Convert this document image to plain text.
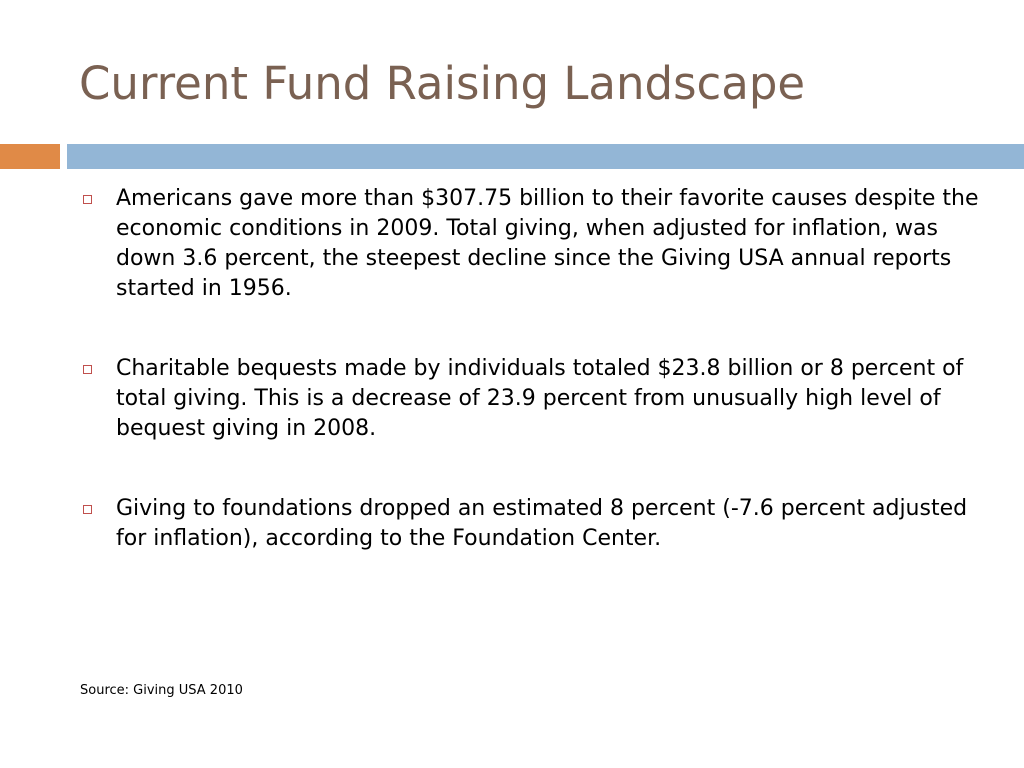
Current Fund Raising Landscape
Americans gave more than $307.75 billion to their favorite causes despite the economic conditions in 2009. Total giving, when adjusted for inflation, was down 3.6 percent, the steepest decline since the Giving USA annual reports started in 1956.
Charitable bequests made by individuals totaled $23.8 billion or 8 percent of total giving. This is a decrease of 23.9 percent from unusually high level of bequest giving in 2008.
Giving to foundations dropped an estimated 8 percent (-7.6 percent adjusted for inflation), according to the Foundation Center.
Source: Giving USA 2010
